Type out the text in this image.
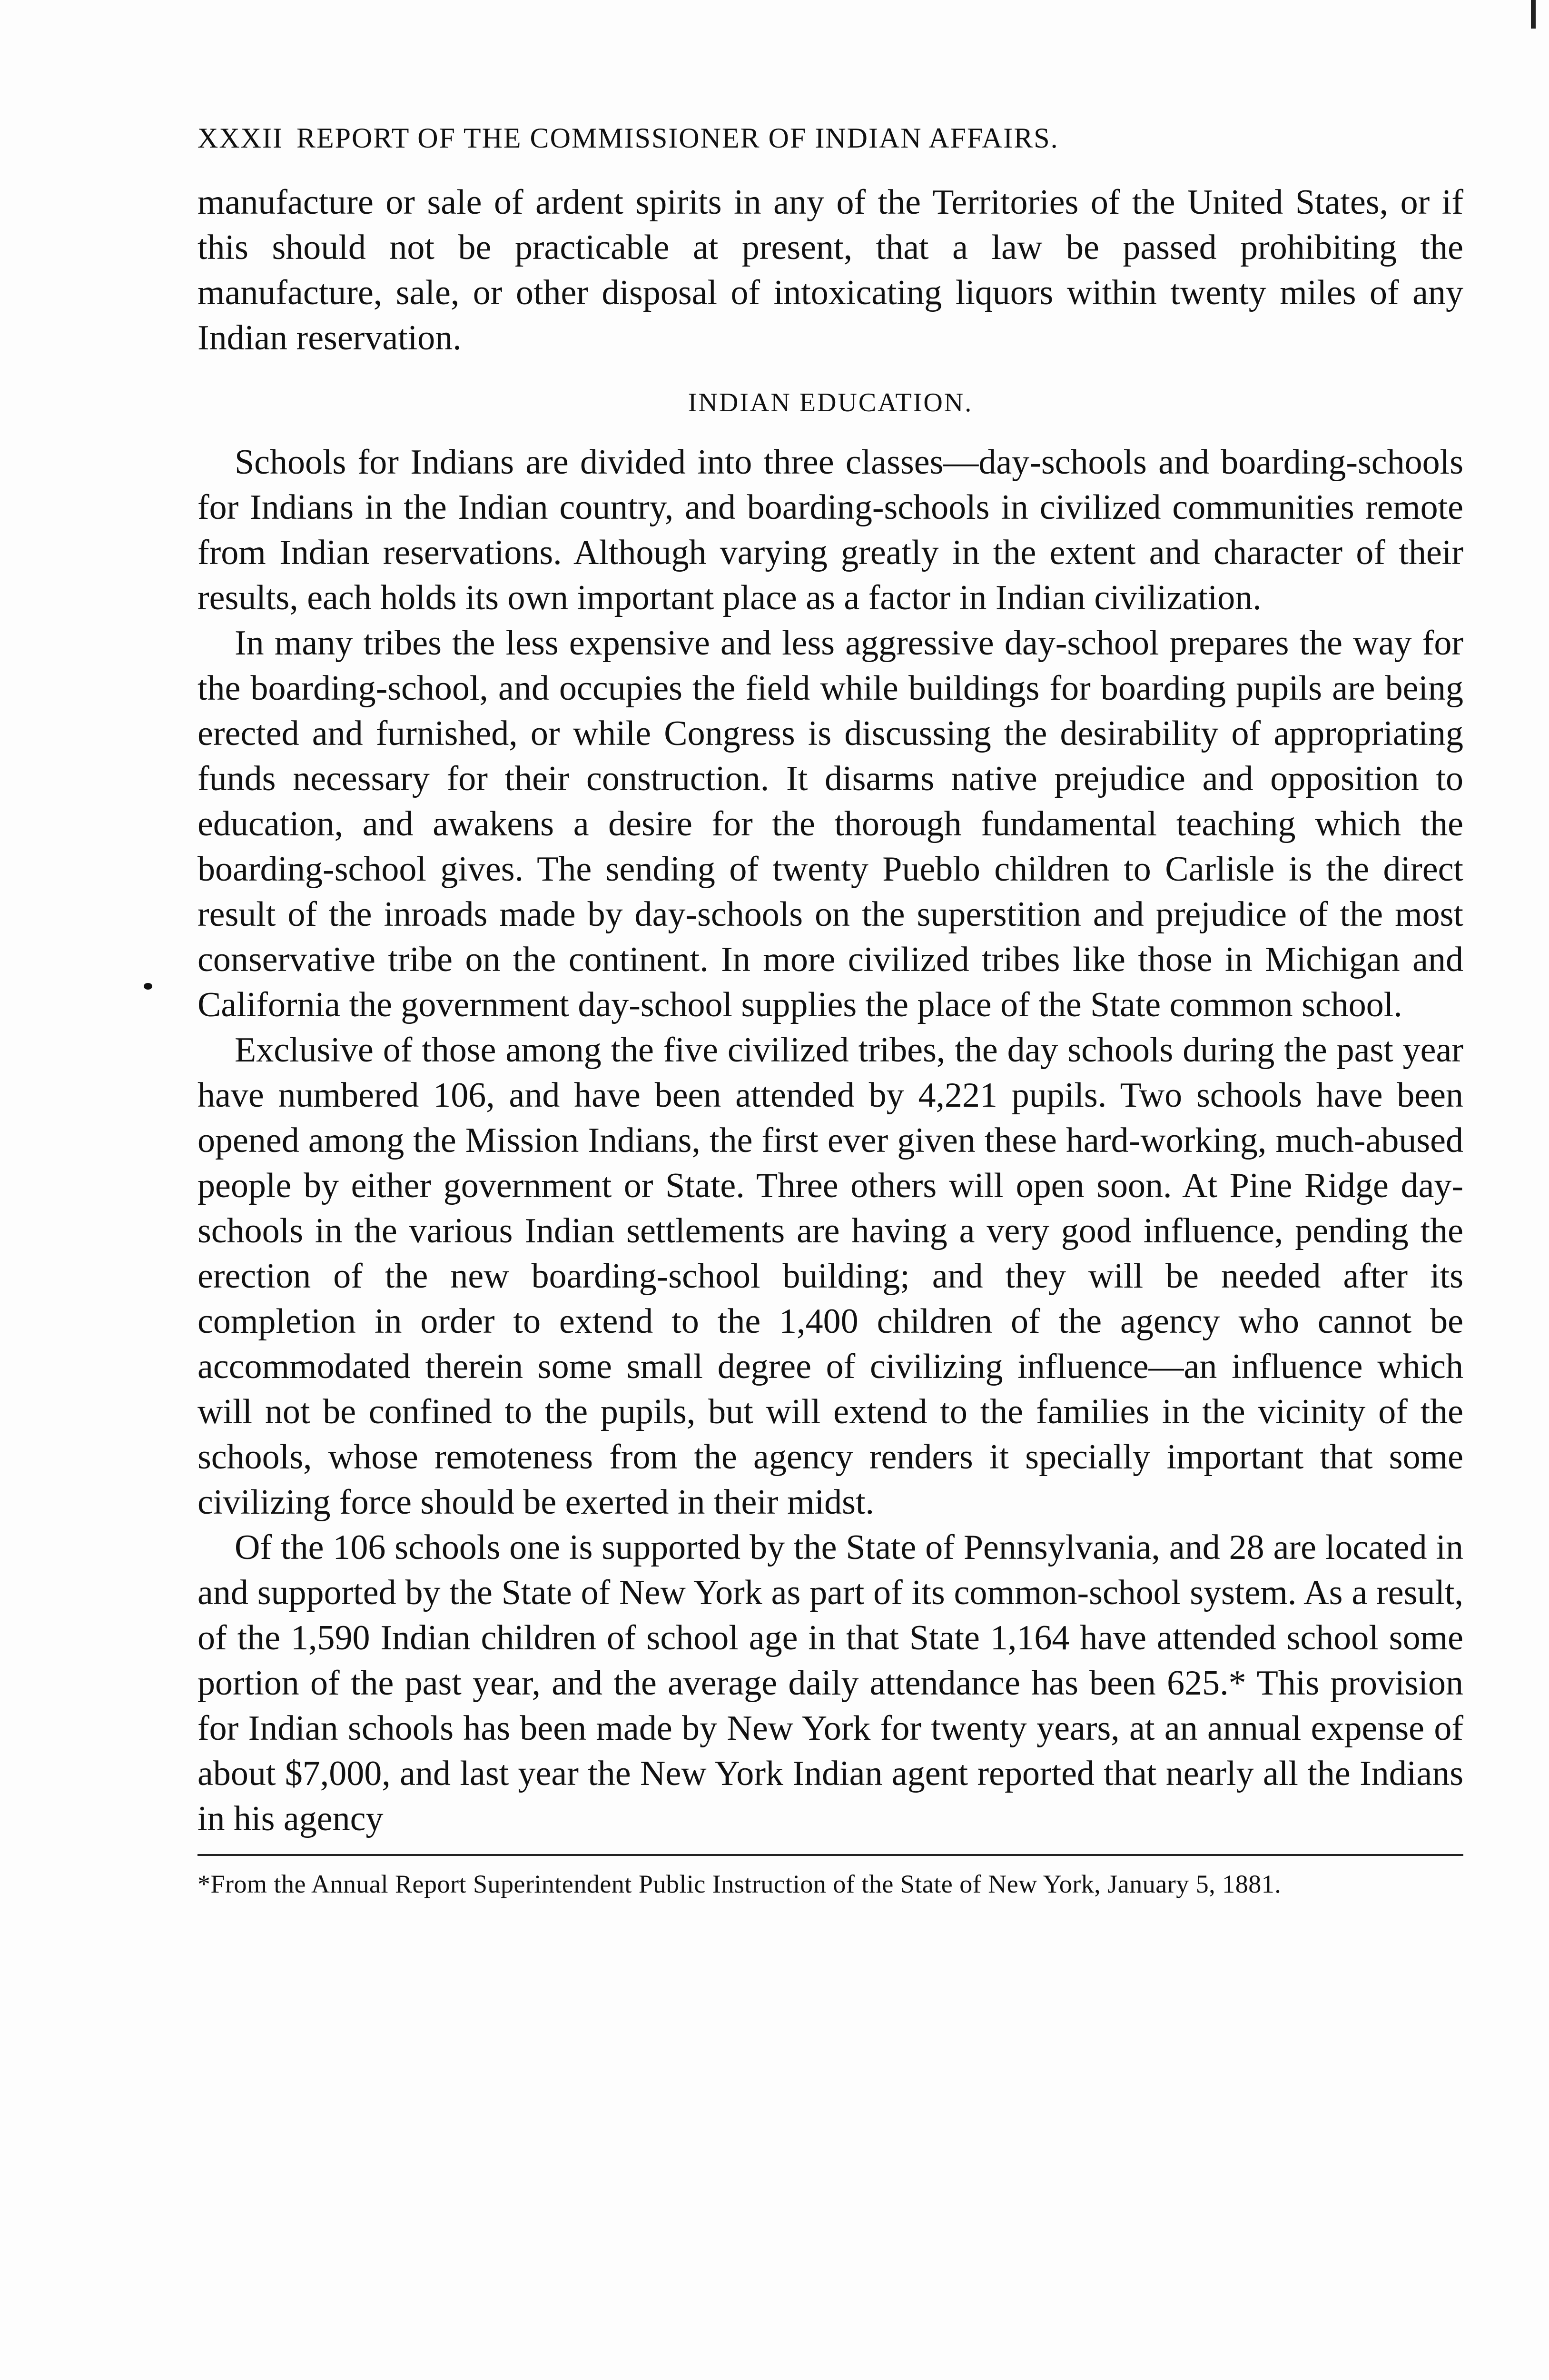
XXXII REPORT OF THE COMMISSIONER OF INDIAN AFFAIRS.

manufacture or sale of ardent spirits in any of the Territories of the United States, or if this should not be practicable at present, that a law be passed prohibiting the manufacture, sale, or other disposal of intoxicating liquors within twenty miles of any Indian reservation.

INDIAN EDUCATION.

Schools for Indians are divided into three classes—day-schools and boarding-schools for Indians in the Indian country, and boarding-schools in civilized communities remote from Indian reservations. Although varying greatly in the extent and character of their results, each holds its own important place as a factor in Indian civilization.

In many tribes the less expensive and less aggressive day-school prepares the way for the boarding-school, and occupies the field while buildings for boarding pupils are being erected and furnished, or while Congress is discussing the desirability of appropriating funds necessary for their construction. It disarms native prejudice and opposition to education, and awakens a desire for the thorough fundamental teaching which the boarding-school gives. The sending of twenty Pueblo children to Carlisle is the direct result of the inroads made by day-schools on the superstition and prejudice of the most conservative tribe on the continent. In more civilized tribes like those in Michigan and California the government day-school supplies the place of the State common school.

Exclusive of those among the five civilized tribes, the day schools during the past year have numbered 106, and have been attended by 4,221 pupils. Two schools have been opened among the Mission Indians, the first ever given these hard-working, much-abused people by either government or State. Three others will open soon. At Pine Ridge day-schools in the various Indian settlements are having a very good influence, pending the erection of the new boarding-school building; and they will be needed after its completion in order to extend to the 1,400 children of the agency who cannot be accommodated therein some small degree of civilizing influence—an influence which will not be confined to the pupils, but will extend to the families in the vicinity of the schools, whose remoteness from the agency renders it specially important that some civilizing force should be exerted in their midst.

Of the 106 schools one is supported by the State of Pennsylvania, and 28 are located in and supported by the State of New York as part of its common-school system. As a result, of the 1,590 Indian children of school age in that State 1,164 have attended school some portion of the past year, and the average daily attendance has been 625.* This provision for Indian schools has been made by New York for twenty years, at an annual expense of about $7,000, and last year the New York Indian agent reported that nearly all the Indians in his agency

*From the Annual Report Superintendent Public Instruction of the State of New York, January 5, 1881.
